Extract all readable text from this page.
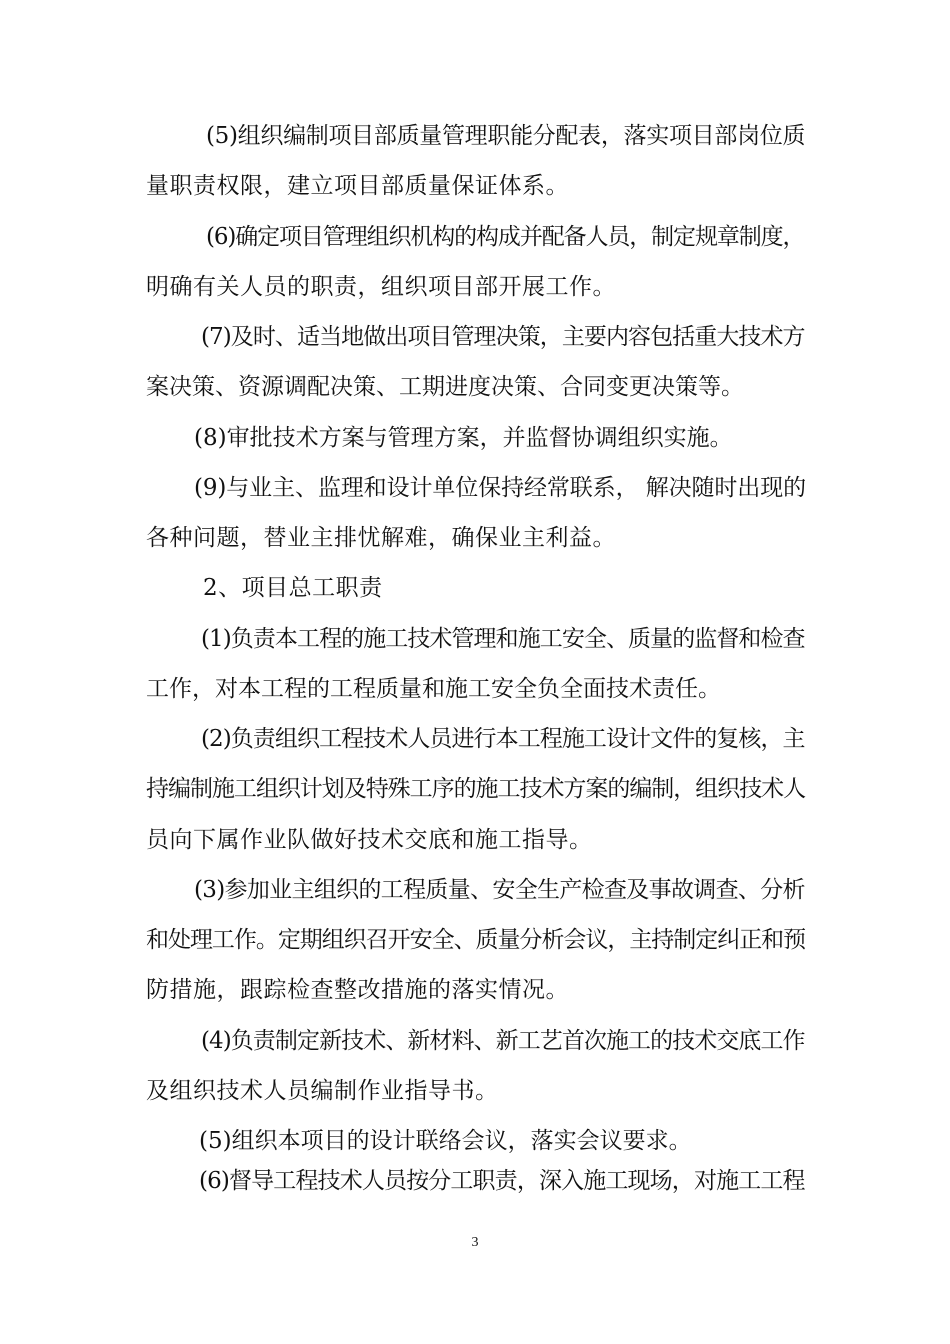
(5)组织编制项目部质量管理职能分配表，落实项目部岗位质
量职责权限，建立项目部质量保证体系。
(6)确定项目管理组织机构的构成并配备人员，制定规章制度，
明确有关人员的职责，组织项目部开展工作。
(7)及时、适当地做出项目管理决策，主要内容包括重大技术方
案决策、资源调配决策、工期进度决策、合同变更决策等。
(8)审批技术方案与管理方案，并监督协调组织实施。
(9)与业主、监理和设计单位保持经常联系， 解决随时出现的
各种问题，替业主排忧解难，确保业主利益。
2、项目总工职责
(1)负责本工程的施工技术管理和施工安全、质量的监督和检查
工作，对本工程的工程质量和施工安全负全面技术责任。
(2)负责组织工程技术人员进行本工程施工设计文件的复核，主
持编制施工组织计划及特殊工序的施工技术方案的编制，组织技术人
员向下属作业队做好技术交底和施工指导。
(3)参加业主组织的工程质量、安全生产检查及事故调查、分析
和处理工作。定期组织召开安全、质量分析会议，主持制定纠正和预
防措施，跟踪检查整改措施的落实情况。
(4)负责制定新技术、新材料、新工艺首次施工的技术交底工作
及组织技术人员编制作业指导书。
(5)组织本项目的设计联络会议，落实会议要求。
(6)督导工程技术人员按分工职责，深入施工现场，对施工工程
3
